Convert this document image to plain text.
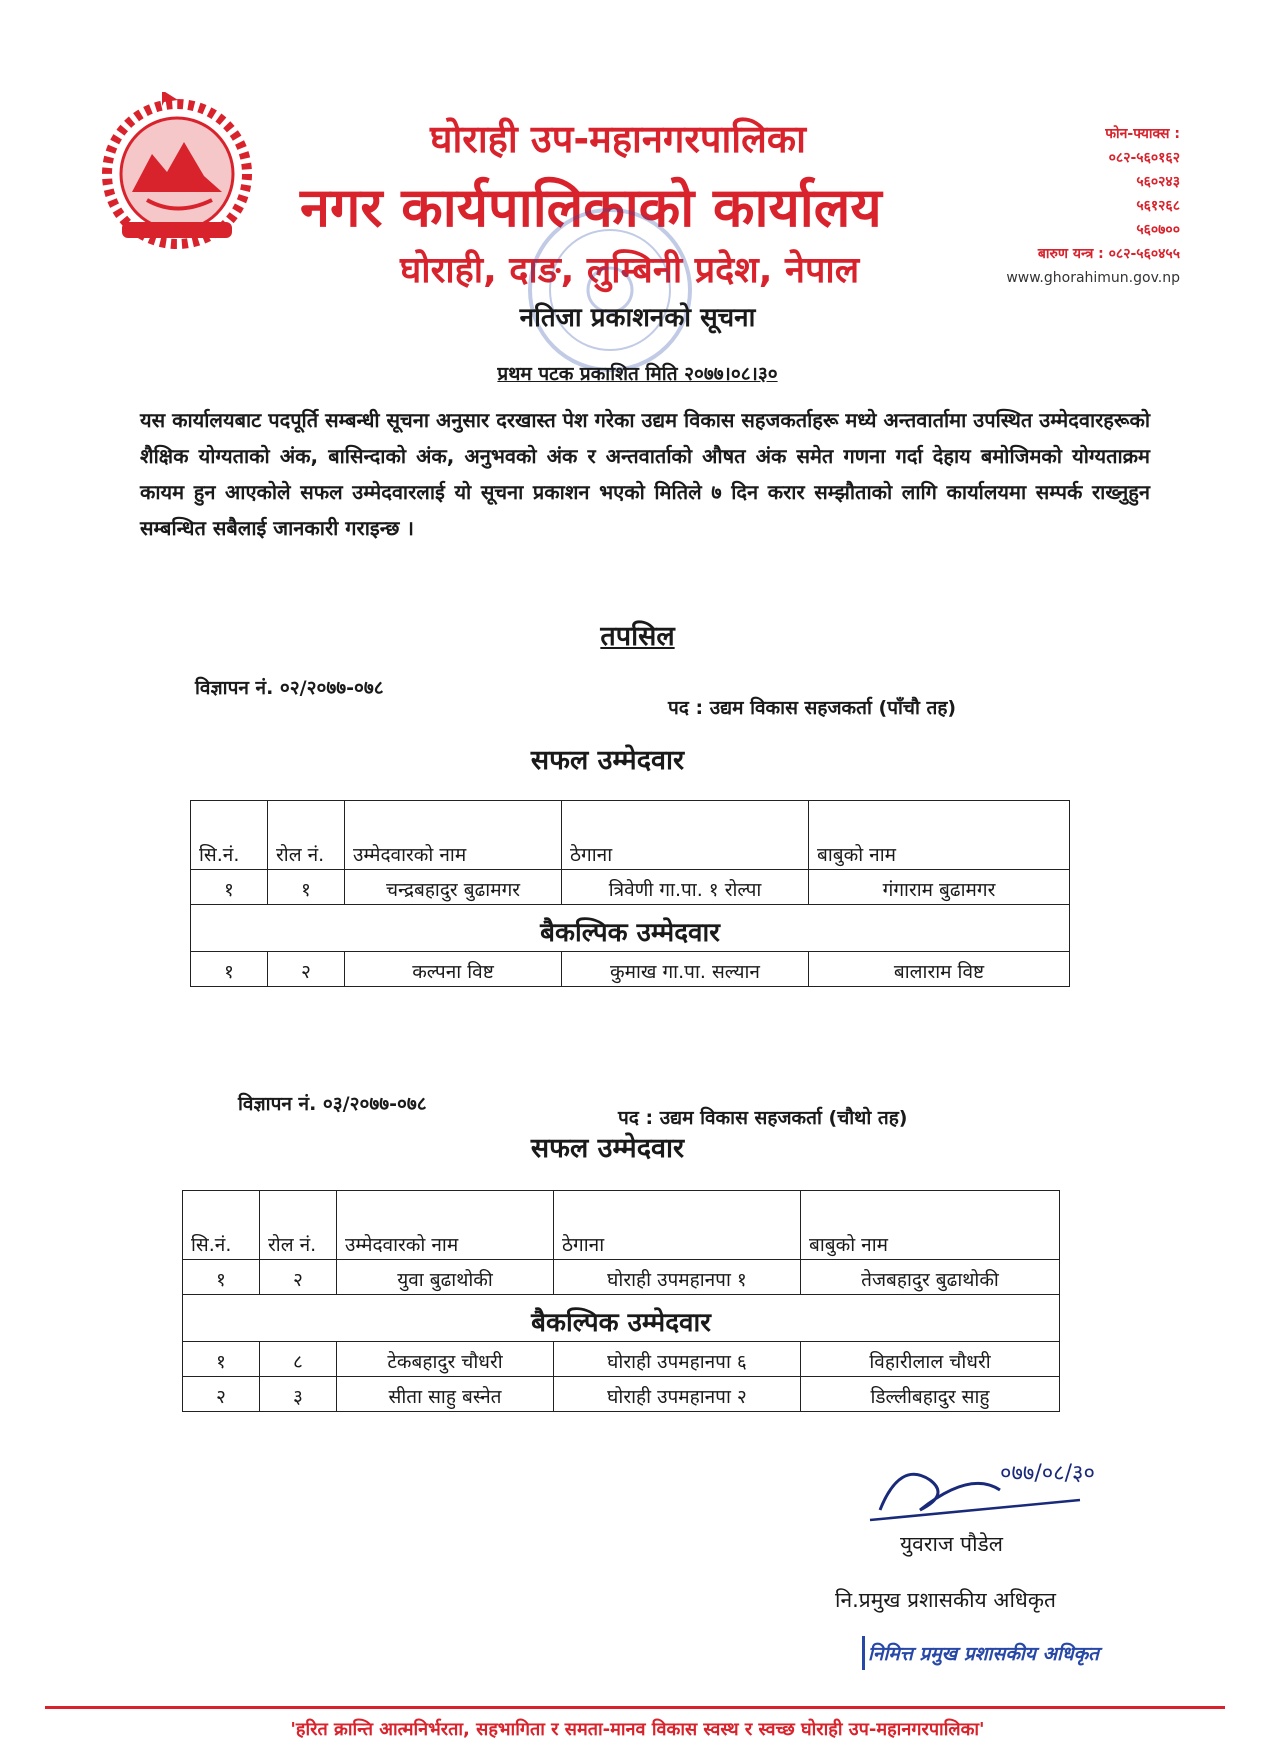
घोराही उप-महानगरपालिका
नगर कार्यपालिकाको कार्यालय
घोराही, दाङ, लुम्बिनी प्रदेश, नेपाल
फोन-फ्याक्स :
०८२-५६०१६२
५६०२४३
५६१२६८
५६०७००
बारुण यन्त्र : ०८२-५६०४५५
www.ghorahimun.gov.np
नतिजा प्रकाशनको सूचना
प्रथम पटक प्रकाशित मिति २०७७।०८।३०
यस कार्यालयबाट पदपूर्ति सम्बन्धी सूचना अनुसार दरखास्त पेश गरेका उद्यम विकास सहजकर्ताहरू मध्ये अन्तवार्तामा उपस्थित उम्मेदवारहरूको शैक्षिक योग्यताको अंक, बासिन्दाको अंक, अनुभवको अंक र अन्तवार्ताको औषत अंक समेत गणना गर्दा देहाय बमोजिमको योग्यताक्रम कायम हुन आएकोले सफल उम्मेदवारलाई यो सूचना प्रकाशन भएको मितिले ७ दिन करार सम्झौताको लागि कार्यालयमा सम्पर्क राख्नुहुन सम्बन्धित सबैलाई जानकारी गराइन्छ ।
तपसिल
विज्ञापन नं. ०२/२०७७-०७८
पद : उद्यम विकास सहजकर्ता (पाँचौ तह)
सफल उम्मेदवार
सि.नं.	रोल नं.	उम्मेदवारको नाम	ठेगाना	बाबुको नाम
१	१	चन्द्रबहादुर बुढामगर	त्रिवेणी गा.पा. १ रोल्पा	गंगाराम बुढामगर
बैकल्पिक उम्मेदवार				
१	२	कल्पना विष्ट	कुमाख गा.पा. सल्यान	बालाराम विष्ट
विज्ञापन नं. ०३/२०७७-०७८
पद : उद्यम विकास सहजकर्ता (चौथो तह)
सफल उम्मेदवार
सि.नं.	रोल नं.	उम्मेदवारको नाम	ठेगाना	बाबुको नाम
१	२	युवा बुढाथोकी	घोराही उपमहानपा १	तेजबहादुर बुढाथोकी
बैकल्पिक उम्मेदवार				
१	८	टेकबहादुर चौधरी	घोराही उपमहानपा ६	विहारीलाल चौधरी
२	३	सीता साहु बस्नेत	घोराही उपमहानपा २	डिल्लीबहादुर साहु
०७७/०८/३०
युवराज पौडेल
नि.प्रमुख प्रशासकीय अधिकृत
निमित्त प्रमुख प्रशासकीय अधिकृत
'हरित क्रान्ति आत्मनिर्भरता, सहभागिता र समता-मानव विकास स्वस्थ र स्वच्छ घोराही उप-महानगरपालिका'
